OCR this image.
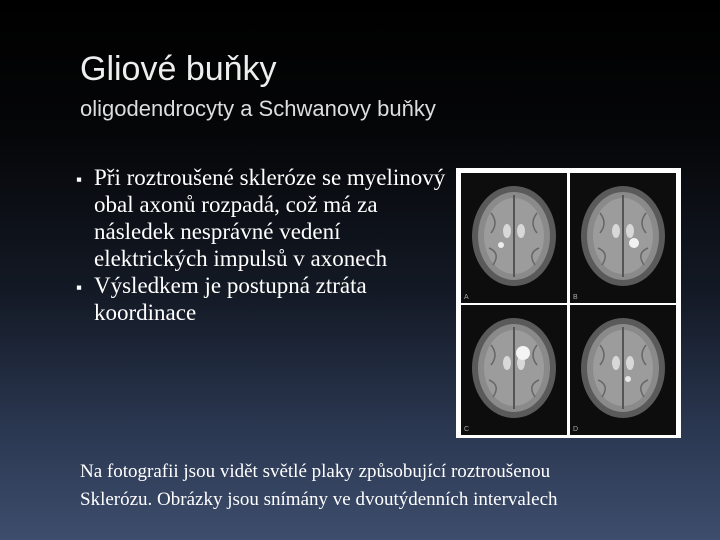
Gliové buňky
oligodendrocyty a Schwanovy buňky
▪ Při roztroušené skleróze se myelinový obal axonů rozpadá, což má za následek nesprávné vedení elektrických impulsů v axonech
▪ Výsledkem je postupná ztráta koordinace
A	B
C	D
Na fotografii jsou vidět světlé plaky způsobující roztroušenou
Sklerózu. Obrázky jsou snímány ve dvoutýdenních intervalech
